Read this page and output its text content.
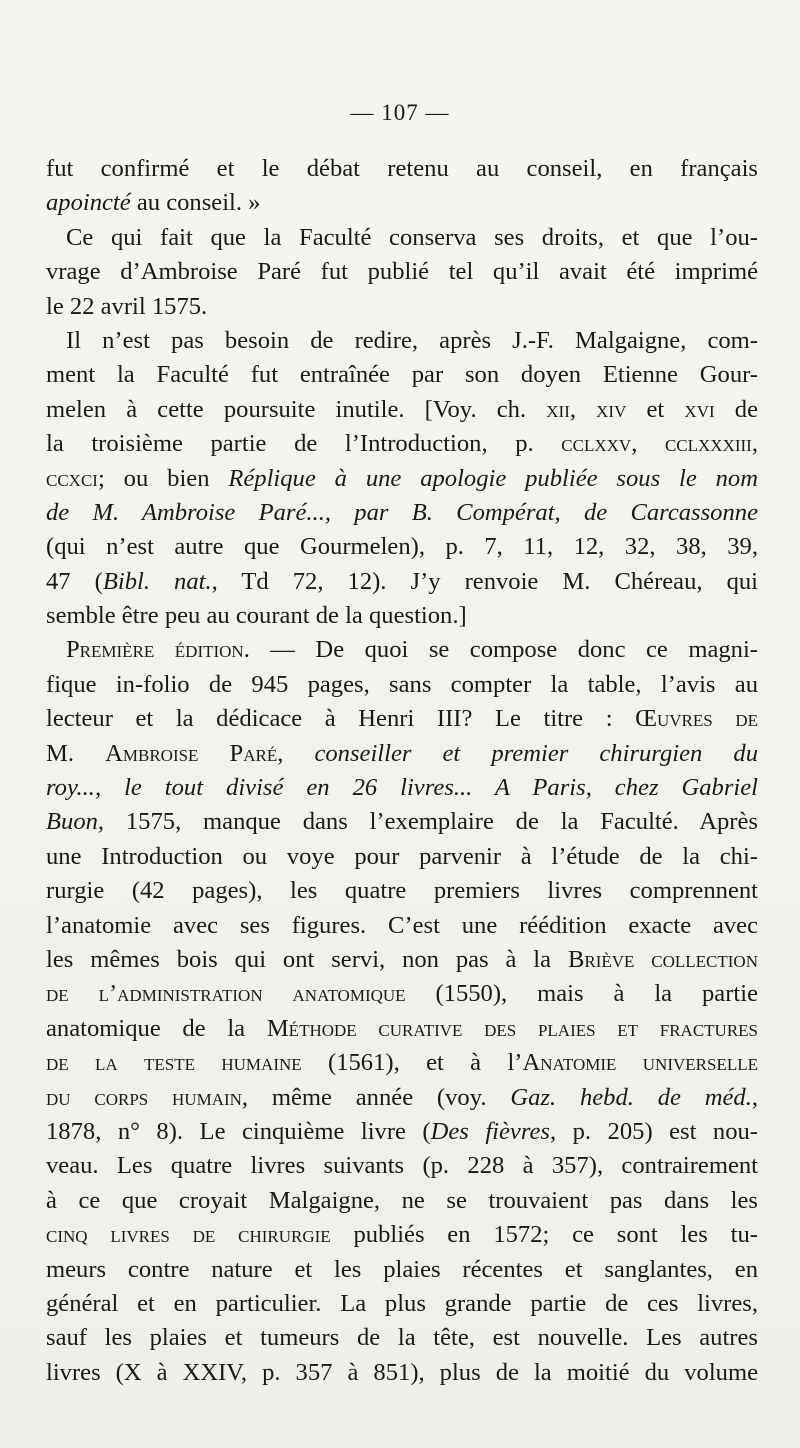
— 107 —
fut confirmé et le débat retenu au conseil, en français
apoincté au conseil. »
Ce qui fait que la Faculté conserva ses droits, et que l’ou-
vrage d’Ambroise Paré fut publié tel qu’il avait été imprimé
le 22 avril 1575.
Il n’est pas besoin de redire, après J.-F. Malgaigne, com-
ment la Faculté fut entraînée par son doyen Etienne Gour-
melen à cette poursuite inutile. [Voy. ch. xii, xiv et xvi de
la troisième partie de l’Introduction, p. cclxxv, cclxxxiii,
ccxci; ou bien Réplique à une apologie publiée sous le nom
de M. Ambroise Paré..., par B. Compérat, de Carcassonne
(qui n’est autre que Gourmelen), p. 7, 11, 12, 32, 38, 39,
47 (Bibl. nat., Td 72, 12). J’y renvoie M. Chéreau, qui
semble être peu au courant de la question.]
Première édition. — De quoi se compose donc ce magni-
fique in-folio de 945 pages, sans compter la table, l’avis au
lecteur et la dédicace à Henri III? Le titre : Œuvres de
M. Ambroise Paré, conseiller et premier chirurgien du
roy..., le tout divisé en 26 livres... A Paris, chez Gabriel
Buon, 1575, manque dans l’exemplaire de la Faculté. Après
une Introduction ou voye pour parvenir à l’étude de la chi-
rurgie (42 pages), les quatre premiers livres comprennent
l’anatomie avec ses figures. C’est une réédition exacte avec
les mêmes bois qui ont servi, non pas à la Briève collection
de l’administration anatomique (1550), mais à la partie
anatomique de la Méthode curative des plaies et fractures
de la teste humaine (1561), et à l’Anatomie universelle
du corps humain, même année (voy. Gaz. hebd. de méd.,
1878, n° 8). Le cinquième livre (Des fièvres, p. 205) est nou-
veau. Les quatre livres suivants (p. 228 à 357), contrairement
à ce que croyait Malgaigne, ne se trouvaient pas dans les
cinq livres de chirurgie publiés en 1572; ce sont les tu-
meurs contre nature et les plaies récentes et sanglantes, en
général et en particulier. La plus grande partie de ces livres,
sauf les plaies et tumeurs de la tête, est nouvelle. Les autres
livres (X à XXIV, p. 357 à 851), plus de la moitié du volume
